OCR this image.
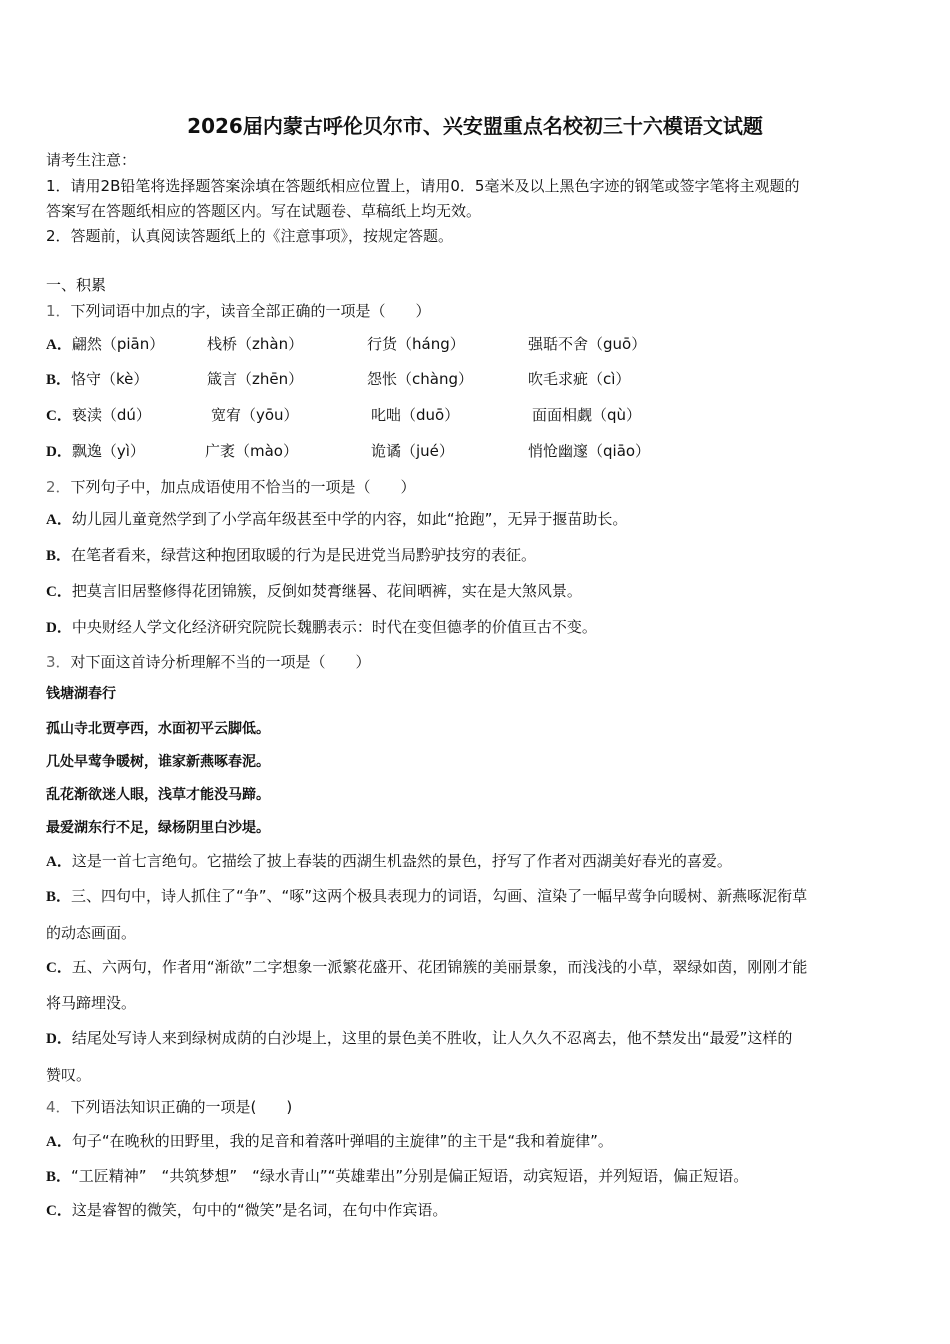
2026届内蒙古呼伦贝尔市、兴安盟重点名校初三十六模语文试题
请考生注意：
1．请用2B铅笔将选择题答案涂填在答题纸相应位置上，请用0．5毫米及以上黑色字迹的钢笔或签字笔将主观题的
答案写在答题纸相应的答题区内。写在试题卷、草稿纸上均无效。
2．答题前，认真阅读答题纸上的《注意事项》，按规定答题。
一、积累
1．下列词语中加点的字，读音全部正确的一项是（　　）
A．翩然（piān）	栈桥（zhàn）	行货（háng）	强聒不舍（guō）
B．恪守（kè）	箴言（zhēn）	怨怅（chàng）	吹毛求疵（cì）
C．亵渎（dú）	宽宥（yōu）	叱咄（duō）	面面相觑（qù）
D．飘逸（yì）	广袤（mào）	诡谲（jué）	悄怆幽邃（qiāo）
2．下列句子中，加点成语使用不恰当的一项是（　　）
A．幼儿园儿童竟然学到了小学高年级甚至中学的内容，如此“抢跑”，无异于揠苗助长。
B．在笔者看来，绿营这种抱团取暖的行为是民进党当局黔驴技穷的表征。
C．把莫言旧居整修得花团锦簇，反倒如焚膏继晷、花间晒裤，实在是大煞风景。
D．中央财经人学文化经济研究院院长魏鹏表示：时代在变但德孝的价值亘古不变。
3．对下面这首诗分析理解不当的一项是（　　）
钱塘湖春行
孤山寺北贾亭西，水面初平云脚低。
几处早莺争暖树，谁家新燕啄春泥。
乱花渐欲迷人眼，浅草才能没马蹄。
最爱湖东行不足，绿杨阴里白沙堤。
A．这是一首七言绝句。它描绘了披上春装的西湖生机盎然的景色，抒写了作者对西湖美好春光的喜爱。
B．三、四句中，诗人抓住了“争”、“啄”这两个极具表现力的词语，勾画、渲染了一幅早莺争向暖树、新燕啄泥衔草
的动态画面。
C．五、六两句，作者用“渐欲”二字想象一派繁花盛开、花团锦簇的美丽景象，而浅浅的小草，翠绿如茵，刚刚才能
将马蹄埋没。
D．结尾处写诗人来到绿树成荫的白沙堤上，这里的景色美不胜收，让人久久不忍离去，他不禁发出“最爱”这样的
赞叹。
4．下列语法知识正确的一项是(　　)
A．句子“在晚秋的田野里，我的足音和着落叶弹唱的主旋律”的主干是“我和着旋律”。
B．“工匠精神”　“共筑梦想”　“绿水青山”“英雄辈出”分别是偏正短语，动宾短语，并列短语，偏正短语。
C．这是睿智的微笑，句中的“微笑”是名词，在句中作宾语。
